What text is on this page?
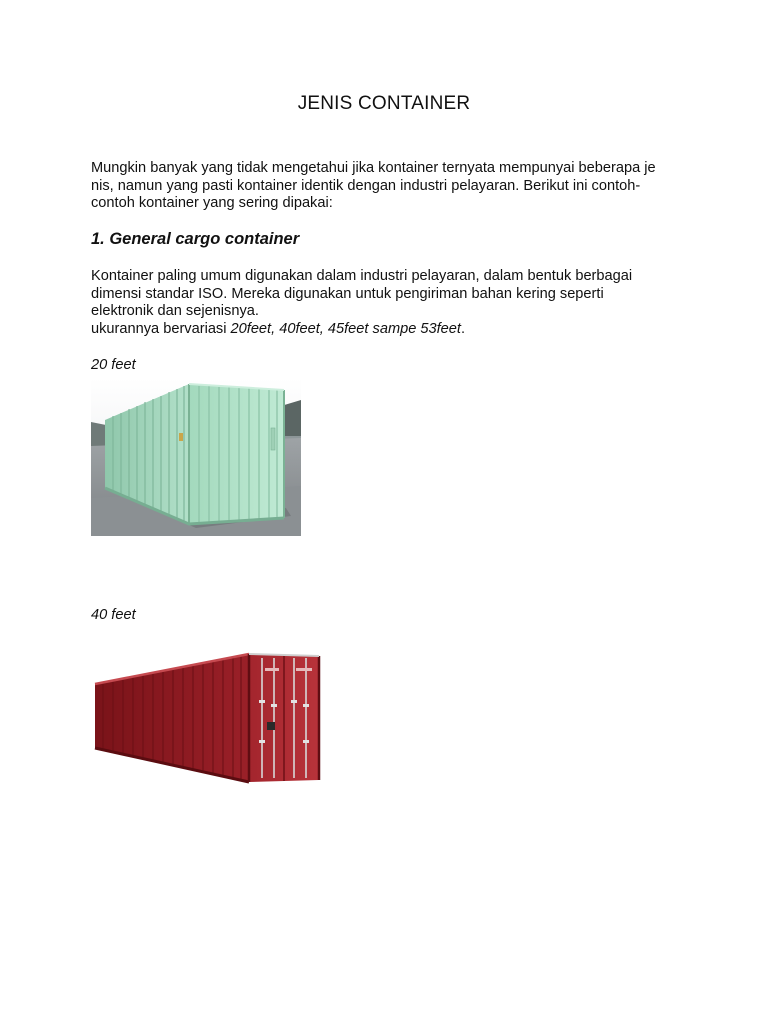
JENIS CONTAINER

Mungkin banyak yang tidak mengetahui jika kontainer ternyata mempunyai beberapa je
nis, namun yang pasti kontainer identik dengan industri pelayaran. Berikut ini contoh-
contoh kontainer yang sering dipakai:

1. General cargo container

Kontainer paling umum digunakan dalam industri pelayaran, dalam bentuk berbagai
dimensi standar ISO. Mereka digunakan untuk pengiriman bahan kering seperti
elektronik dan sejenisnya.
ukurannya bervariasi 20feet, 40feet, 45feet sampe 53feet.

20 feet
40 feet
